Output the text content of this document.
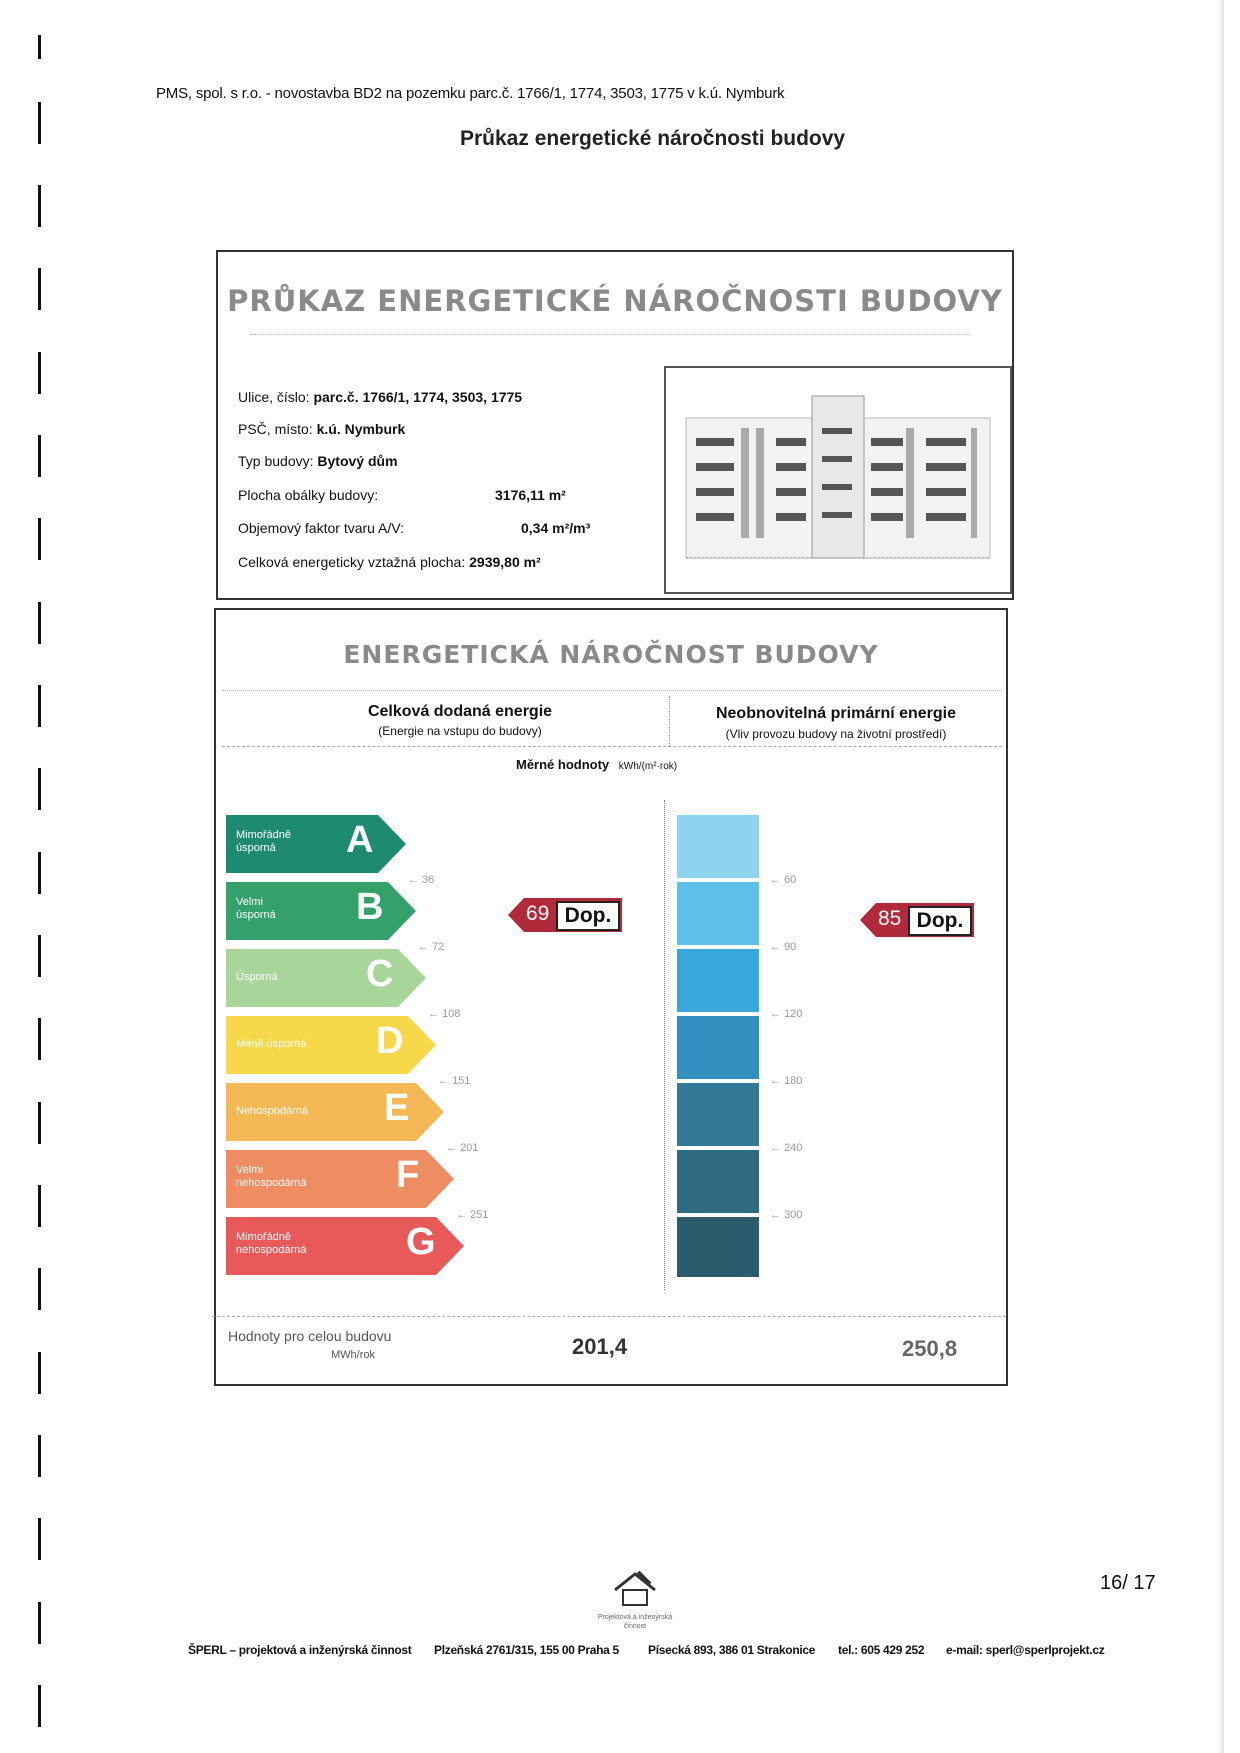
PMS, spol. s r.o. - novostavba BD2 na pozemku parc.č. 1766/1, 1774, 3503, 1775 v k.ú. Nymburk
Průkaz energetické náročnosti budovy
PRŮKAZ ENERGETICKÉ NÁROČNOSTI BUDOVY
Ulice, číslo: parc.č. 1766/1, 1774, 3503, 1775
PSČ, místo: k.ú. Nymburk
Typ budovy: Bytový dům
Plocha obálky budovy:	3176,11 m²
Objemový faktor tvaru A/V:	0,34 m²/m³
Celková energeticky vztažná plocha: 2939,80 m²
ENERGETICKÁ NÁROČNOST BUDOVY
Celková dodaná energie
(Energie na vstupu do budovy)
Neobnovitelná primární energie
(Vliv provozu budovy na životní prostředí)
Měrné hodnoty kWh/(m²·rok)
Mimořádně
úsporná	A
Velmi
úsporná B
Úsporná C
Méně úsporná D
Nehospodárná E
Velmi
nehospodárná F
Mimořádně
nehospodárná	G
← 36
← 72
← 108
← 151
← 201
← 251
69 Dop.
← 60
← 90
← 120
← 180
← 240
← 300
85 Dop.
Hodnoty pro celou budovu
MWh/rok	201,4	250,8
16/ 17
Projektová a inženýrská činnost
ŠPERL – projektová a inženýrská činnost Plzeňská 2761/315, 155 00 Praha 5 Písecká 893, 386 01 Strakonice tel.: 605 429 252 e-mail: sperl@sperlprojekt.cz
